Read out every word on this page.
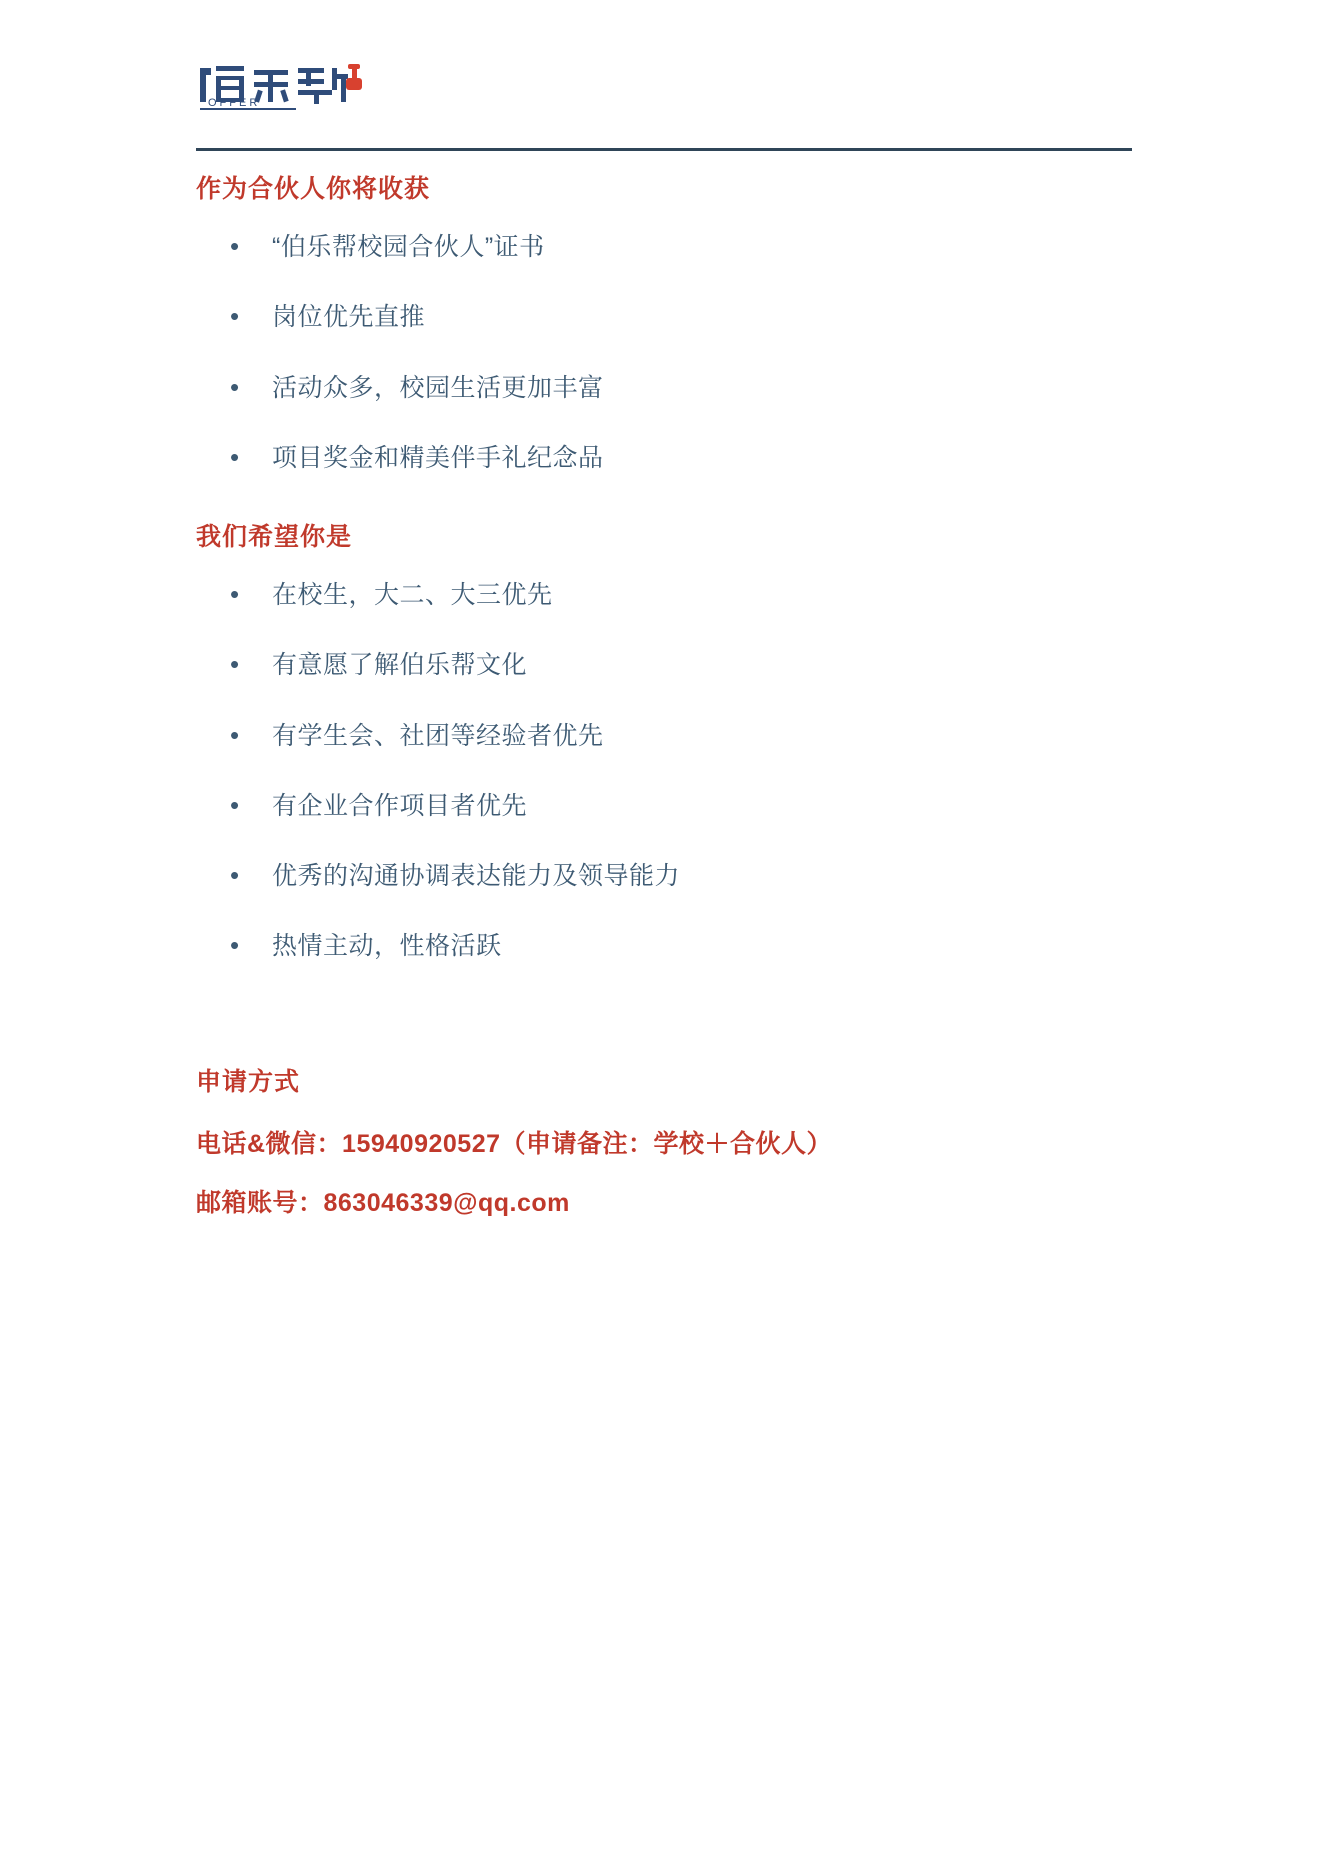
OFFER
作为合伙人你将收获
• “伯乐帮校园合伙人”证书
• 岗位优先直推
• 活动众多，校园生活更加丰富
• 项目奖金和精美伴手礼纪念品
我们希望你是
• 在校生，大二、大三优先
• 有意愿了解伯乐帮文化
• 有学生会、社团等经验者优先
• 有企业合作项目者优先
• 优秀的沟通协调表达能力及领导能力
• 热情主动，性格活跃
申请方式
电话&微信：15940920527（申请备注：学校＋合伙人）
邮箱账号：863046339@qq.com
